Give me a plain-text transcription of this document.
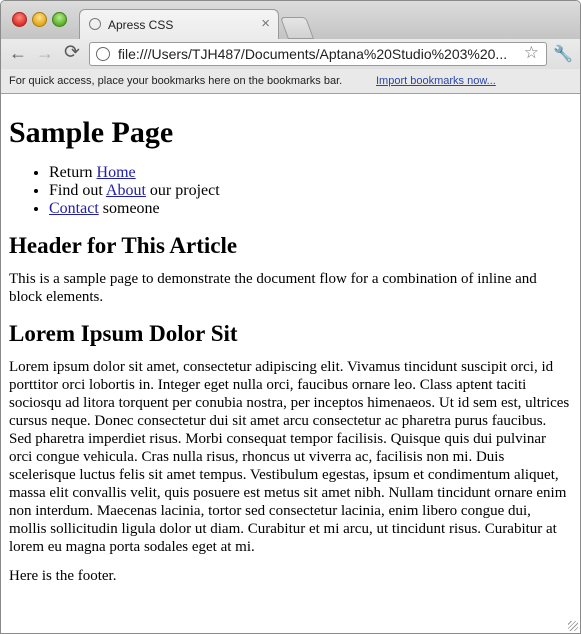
Apress CSS	×
← → ⟳	file:///Users/TJH487/Documents/Aptana%20Studio%203%20... ☆ 🔧
For quick access, place your bookmarks here on the bookmarks bar.	Import bookmarks now...
Sample Page
• Return Home
• Find out About our project
• Contact someone
Header for This Article

This is a sample page to demonstrate the document flow for a combination of inline and block elements.

Lorem Ipsum Dolor Sit

Lorem ipsum dolor sit amet, consectetur adipiscing elit. Vivamus tincidunt suscipit orci, id porttitor orci lobortis in. Integer eget nulla orci, faucibus ornare leo. Class aptent taciti sociosqu ad litora torquent per conubia nostra, per inceptos himenaeos. Ut id sem est, ultrices cursus neque. Donec consectetur dui sit amet arcu consectetur ac pharetra purus faucibus. Sed pharetra imperdiet risus. Morbi consequat tempor facilisis. Quisque quis dui pulvinar orci congue vehicula. Cras nulla risus, rhoncus ut viverra ac, facilisis non mi. Duis scelerisque luctus felis sit amet tempus. Vestibulum egestas, ipsum et condimentum aliquet, massa elit convallis velit, quis posuere est metus sit amet nibh. Nullam tincidunt ornare enim non interdum. Maecenas lacinia, tortor sed consectetur lacinia, enim libero congue dui, mollis sollicitudin ligula dolor ut diam. Curabitur et mi arcu, ut tincidunt risus. Curabitur at lorem eu magna porta sodales eget at mi.

Here is the footer.
